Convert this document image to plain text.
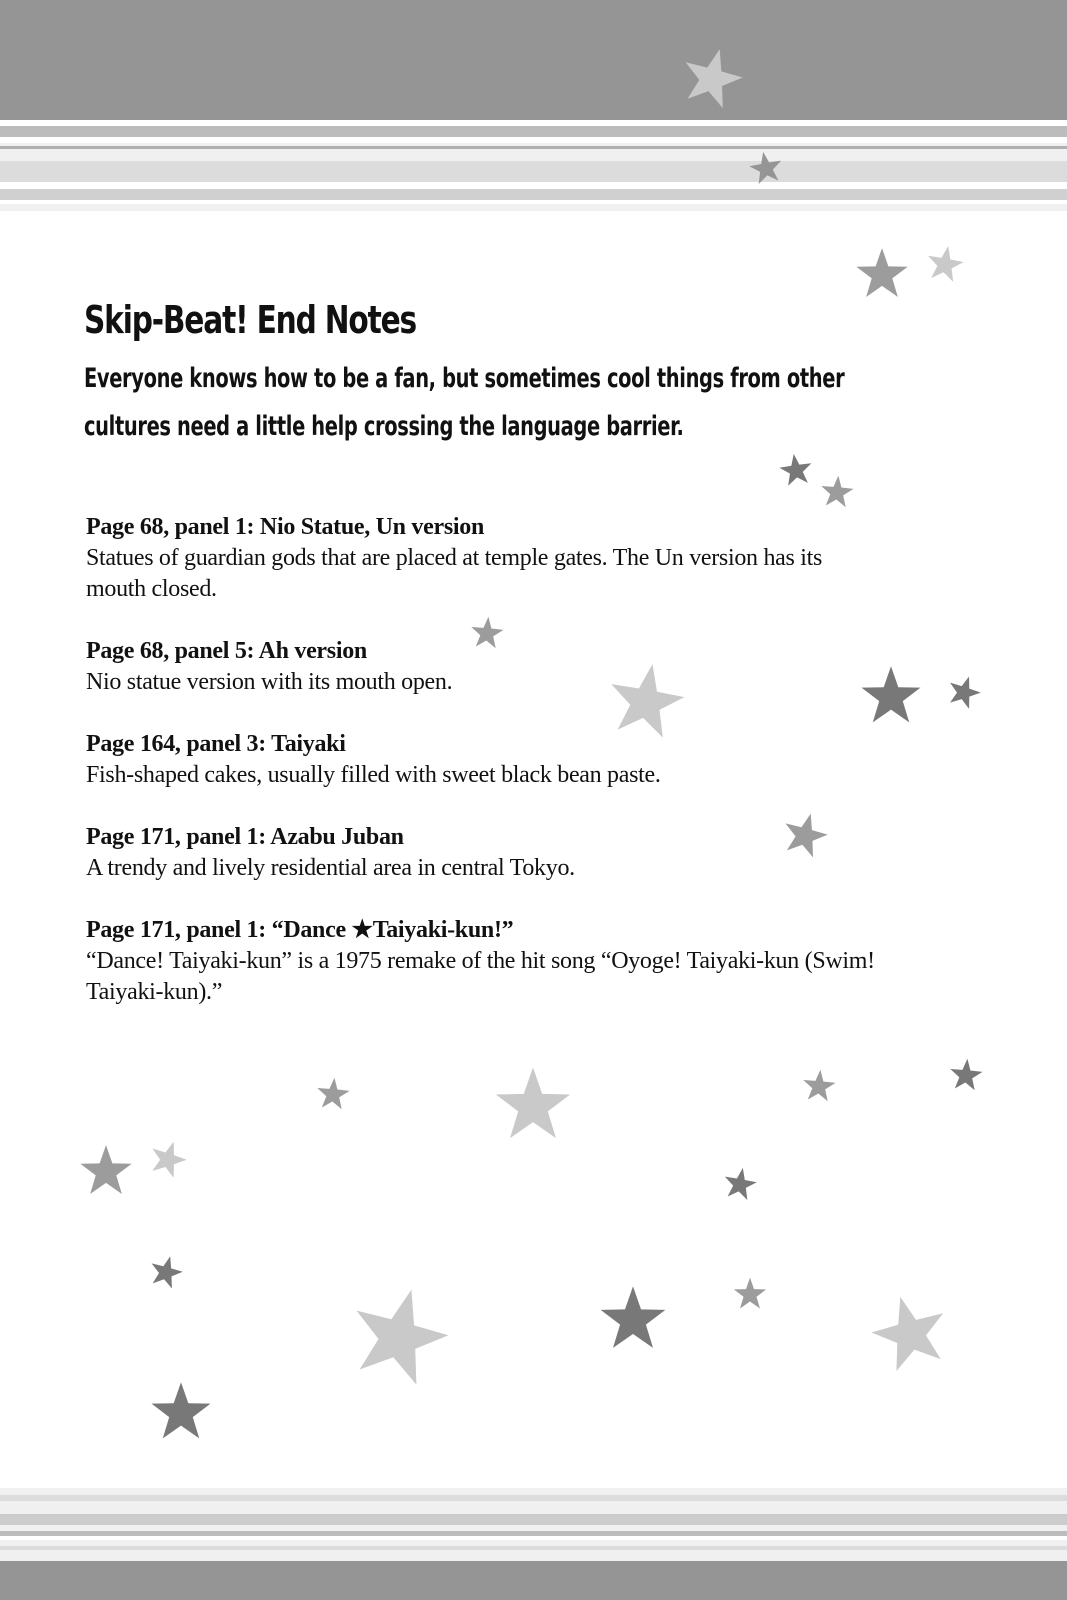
Skip-Beat! End Notes
Everyone knows how to be a fan, but sometimes cool things from other cultures need a little help crossing the language barrier.
Page 68, panel 1: Nio Statue, Un version
Statues of guardian gods that are placed at temple gates. The Un version has its mouth closed.
Page 68, panel 5: Ah version
Nio statue version with its mouth open.
Page 164, panel 3: Taiyaki
Fish-shaped cakes, usually filled with sweet black bean paste.
Page 171, panel 1: Azabu Juban
A trendy and lively residential area in central Tokyo.
Page 171, panel 1: “Dance ★Taiyaki-kun!”
“Dance! Taiyaki-kun” is a 1975 remake of the hit song “Oyoge! Taiyaki-kun (Swim! Taiyaki-kun).”
